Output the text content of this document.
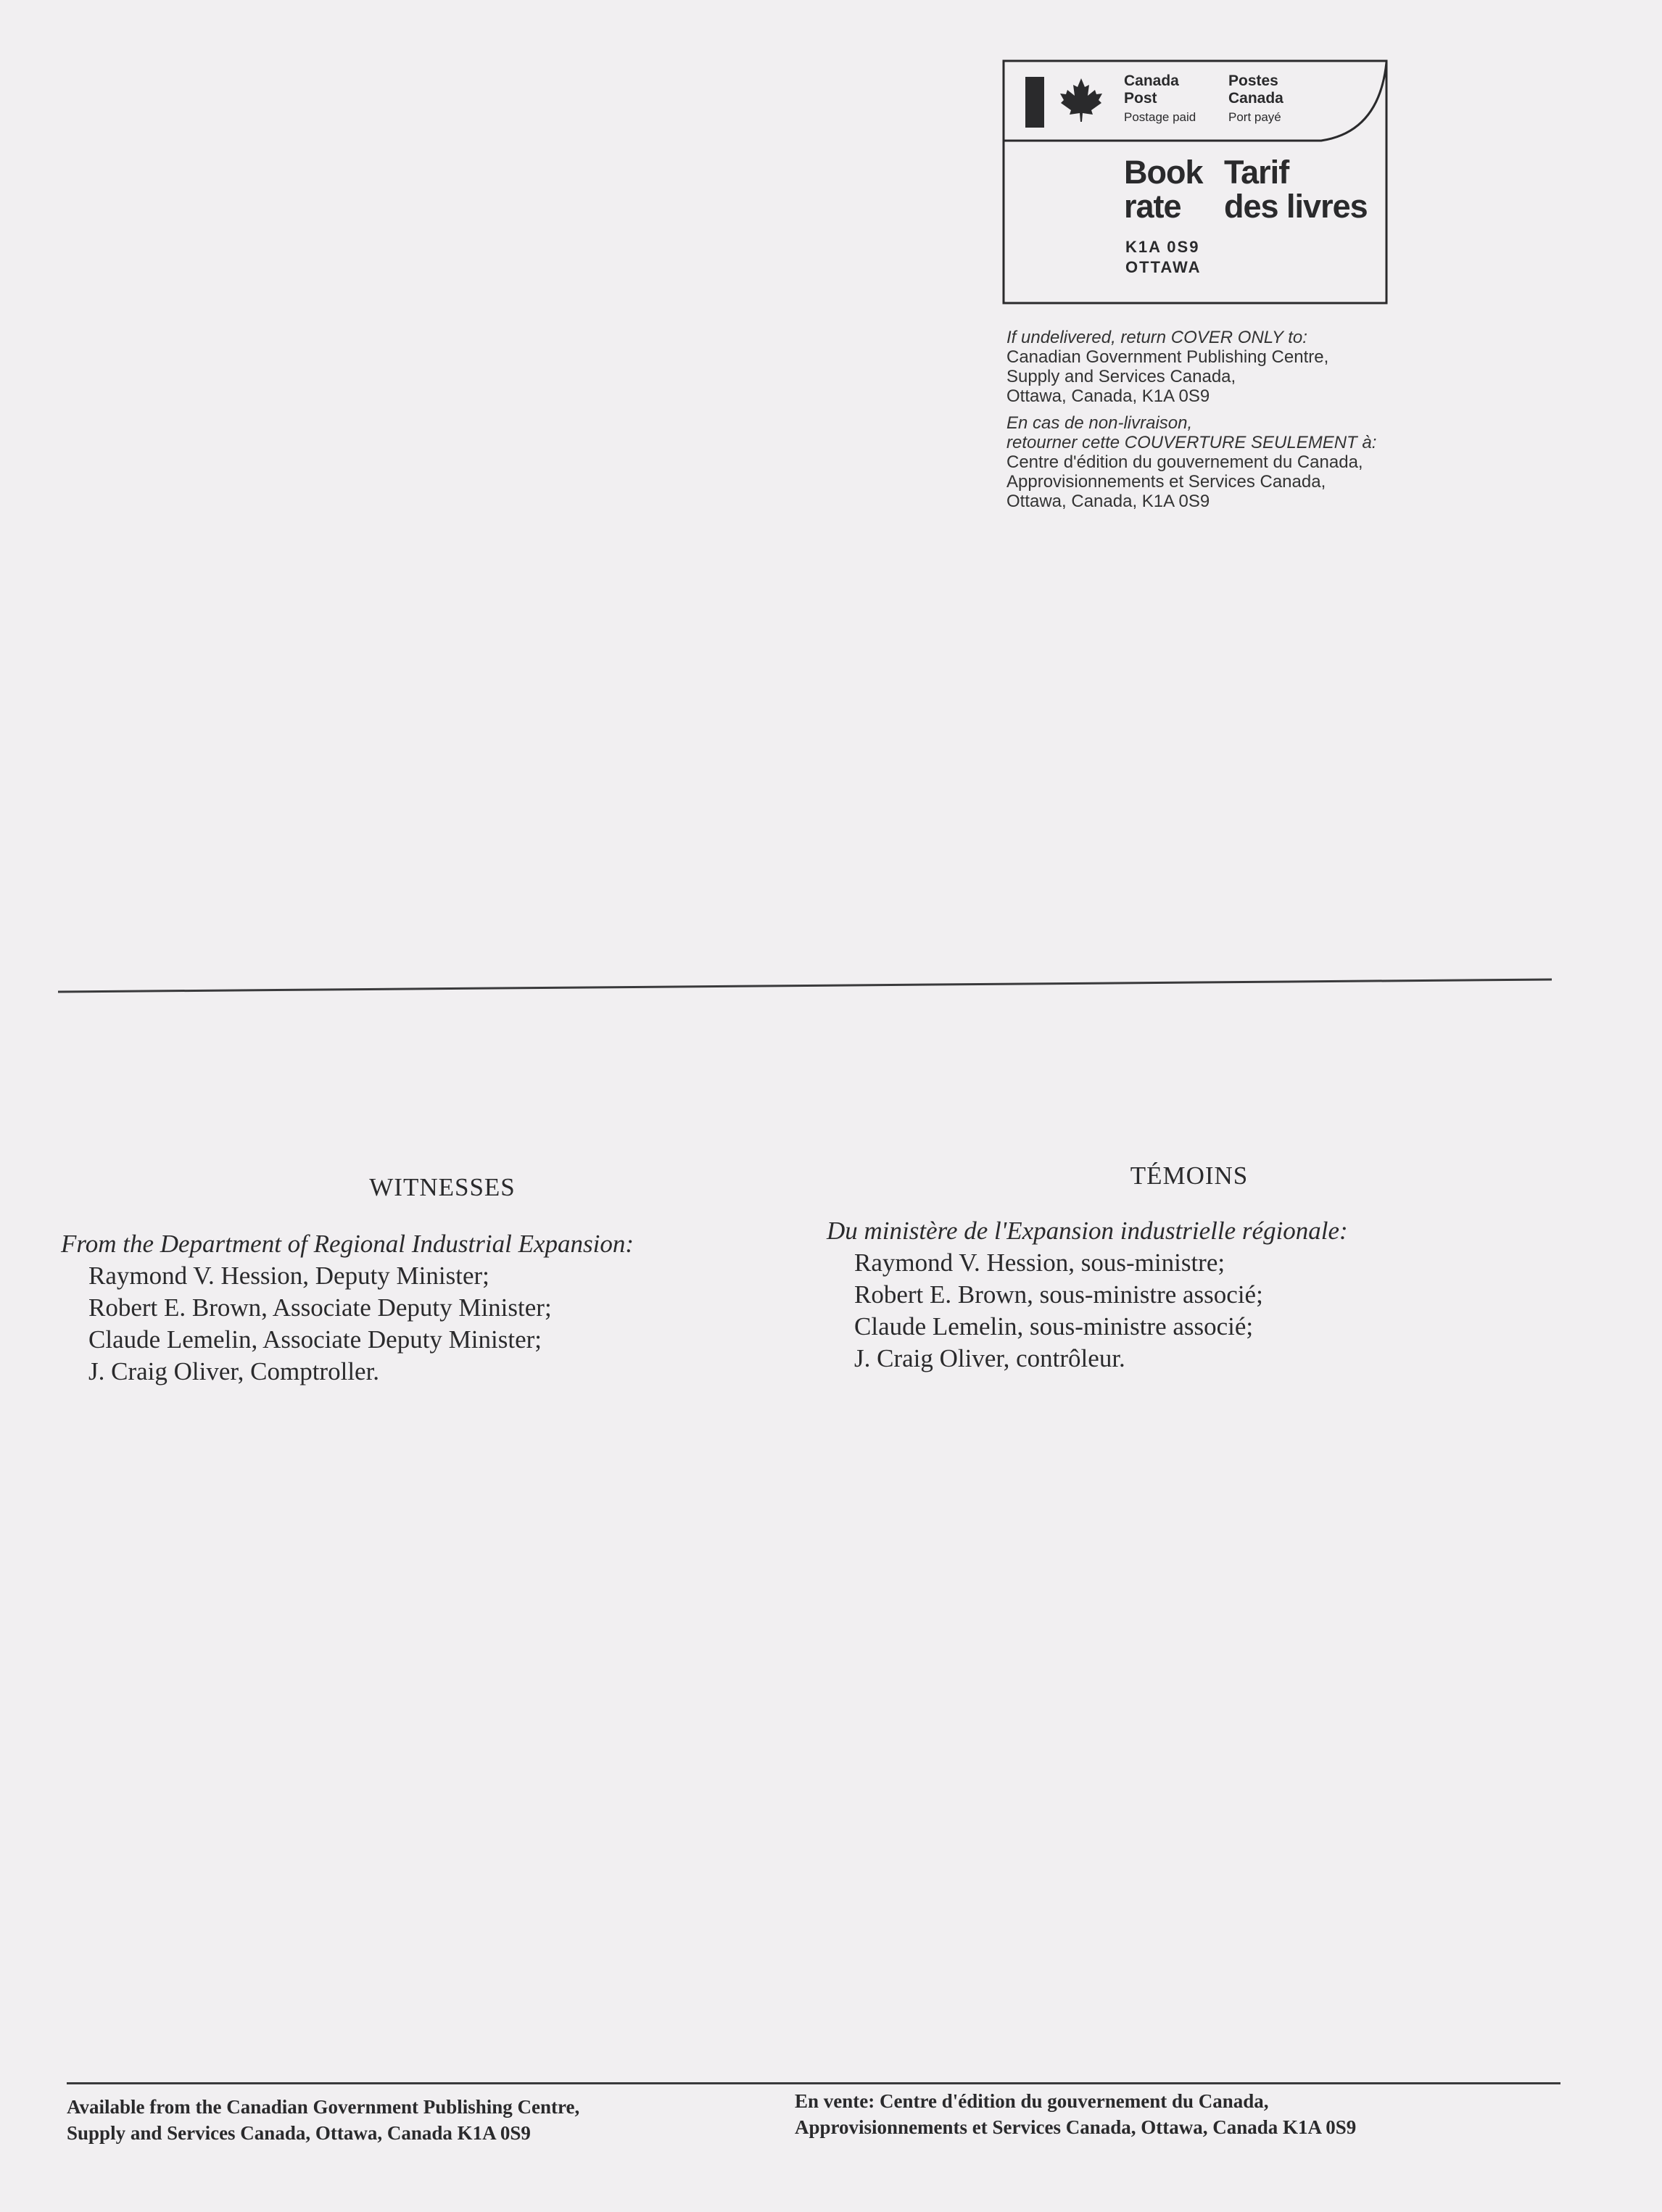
Canada	Postes
Post	Canada
Postage paid	Port payé
Book
rate
Tarif
des livres
K1A 0S9
OTTAWA
If undelivered, return COVER ONLY to:
Canadian Government Publishing Centre,
Supply and Services Canada,
Ottawa, Canada, K1A 0S9
En cas de non-livraison,
retourner cette COUVERTURE SEULEMENT à:
Centre d'édition du gouvernement du Canada,
Approvisionnements et Services Canada,
Ottawa, Canada, K1A 0S9
WITNESSES
From the Department of Regional Industrial Expansion:
Raymond V. Hession, Deputy Minister;
Robert E. Brown, Associate Deputy Minister;
Claude Lemelin, Associate Deputy Minister;
J. Craig Oliver, Comptroller.
TÉMOINS
Du ministère de l'Expansion industrielle régionale:
Raymond V. Hession, sous-ministre;
Robert E. Brown, sous-ministre associé;
Claude Lemelin, sous-ministre associé;
J. Craig Oliver, contrôleur.
Available from the Canadian Government Publishing Centre,
Supply and Services Canada, Ottawa, Canada K1A 0S9
En vente: Centre d'édition du gouvernement du Canada,
Approvisionnements et Services Canada, Ottawa, Canada K1A 0S9
